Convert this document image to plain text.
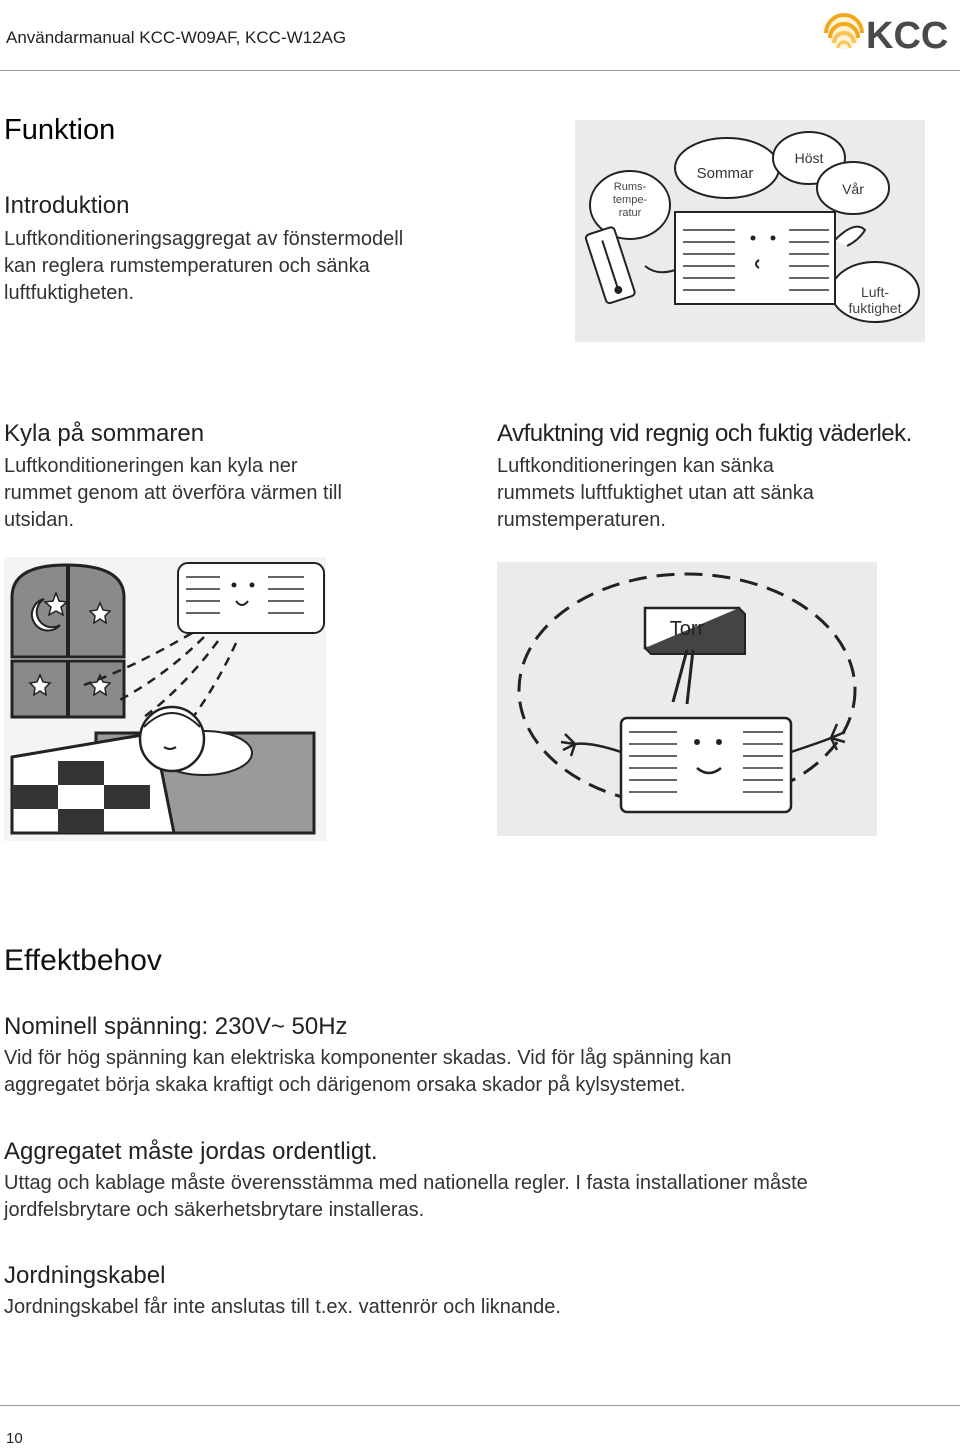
Användarmanual KCC-W09AF, KCC-W12AG	KCC
Funktion
Introduktion
Luftkonditioneringsaggregat av fönstermodell
kan reglera rumstemperaturen och sänka
luftfuktigheten.
Rums-
tempe-
ratur
Sommar
Höst
Vår
Luft-
fuktighet
Kyla på sommaren
Luftkonditioneringen kan kyla ner
rummet genom att överföra värmen till
utsidan.
Avfuktning vid regnig och fuktig väderlek.
Luftkonditioneringen kan sänka
rummets luftfuktighet utan att sänka
rumstemperaturen.
Torr
Effektbehov
Nominell spänning: 230V~ 50Hz
Vid för hög spänning kan elektriska komponenter skadas. Vid för låg spänning kan
aggregatet börja skaka kraftigt och därigenom orsaka skador på kylsystemet.
Aggregatet måste jordas ordentligt.
Uttag och kablage måste överensstämma med nationella regler. I fasta installationer måste
jordfelsbrytare och säkerhetsbrytare installeras.
Jordningskabel
Jordningskabel får inte anslutas till t.ex. vattenrör och liknande.
10
